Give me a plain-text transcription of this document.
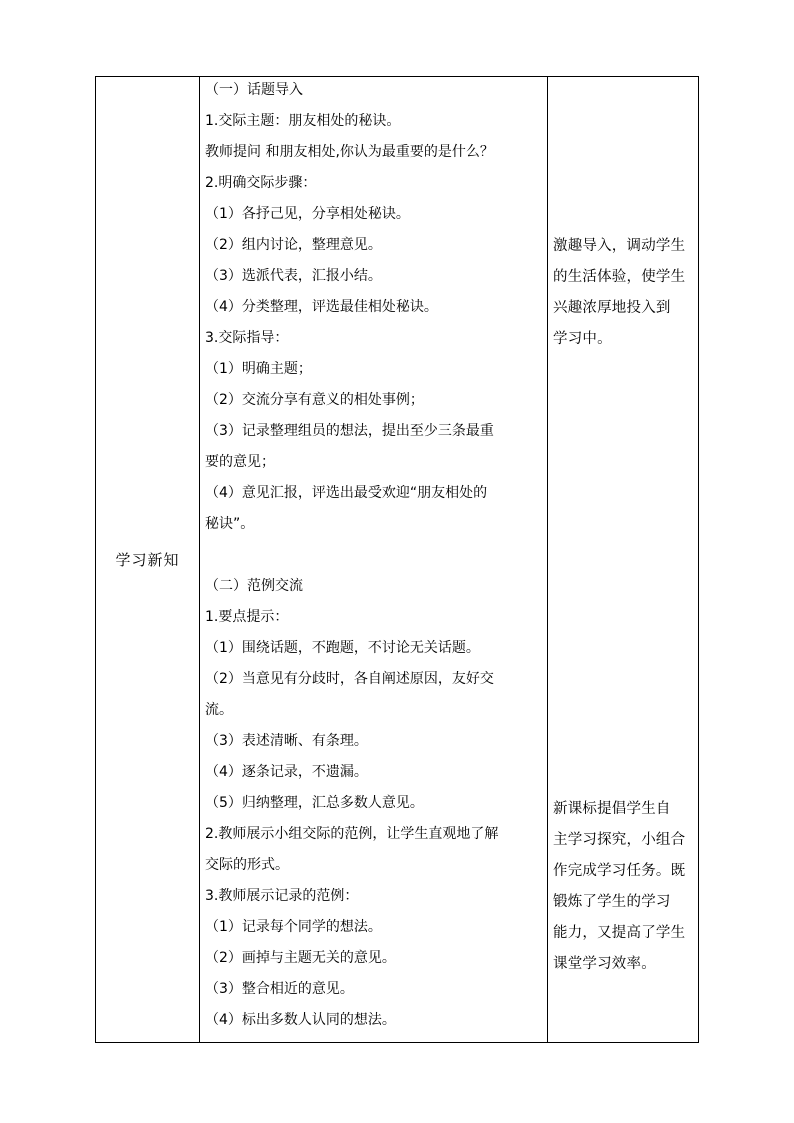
学习新知
（一）话题导入
1.交际主题：朋友相处的秘诀。
教师提问 和朋友相处,你认为最重要的是什么？
2.明确交际步骤：
（1）各抒己见，分享相处秘诀。
（2）组内讨论，整理意见。
（3）选派代表，汇报小结。
（4）分类整理，评选最佳相处秘诀。
3.交际指导：
（1）明确主题；
（2）交流分享有意义的相处事例；
（3）记录整理组员的想法，提出至少三条最重
要的意见；
（4）意见汇报，评选出最受欢迎“朋友相处的
秘诀”。
（二）范例交流
1.要点提示：
（1）围绕话题，不跑题，不讨论无关话题。
（2）当意见有分歧时，各自阐述原因，友好交
流。
（3）表述清晰、有条理。
（4）逐条记录，不遗漏。
（5）归纳整理，汇总多数人意见。
2.教师展示小组交际的范例，让学生直观地了解
交际的形式。
3.教师展示记录的范例：
（1）记录每个同学的想法。
（2）画掉与主题无关的意见。
（3）整合相近的意见。
（4）标出多数人认同的想法。
激趣导入，调动学生
的生活体验，使学生
兴趣浓厚地投入到
学习中。
新课标提倡学生自
主学习探究，小组合
作完成学习任务。既
锻炼了学生的学习
能力，又提高了学生
课堂学习效率。
